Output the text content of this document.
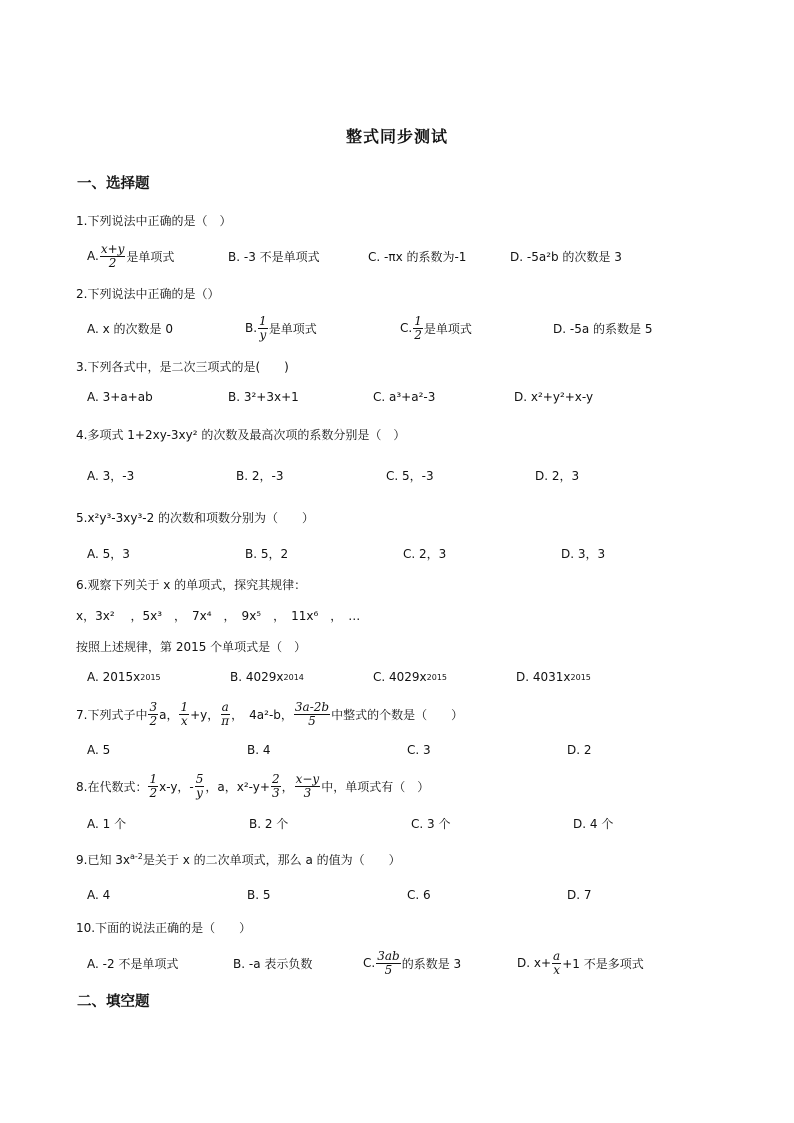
整式同步测试
一、选择题
1.下列说法中正确的是（　）
A. $\frac{x+y}{2}$ 是单项式	B. -3 不是单项式	C. -πx 的系数为-1	D. -5a²b 的次数是 3
2.下列说法中正确的是（）
A. x 的次数是 0	B. $\frac{1}{y}$ 是单项式	C. $\frac{1}{2}$ 是单项式	D. -5a 的系数是 5
3.下列各式中，是二次三项式的是(　　)
A. 3+a+ab	B. 3²+3x+1	C. a³+a²-3	D. x²+y²+x-y
4.多项式 1+2xy-3xy² 的次数及最高次项的系数分别是（　）
A. 3，-3	B. 2，-3	C. 5，-3	D. 2，3
5.x²y³-3xy³-2 的次数和项数分别为（　　）
A. 5，3	B. 5，2	C. 2，3	D. 3，3
6.观察下列关于 x 的单项式，探究其规律：
x，3x²　 ，5x³　，　7x⁴　，　9x⁵　，　11x⁶　，　…
按照上述规律，第 2015 个单项式是（　）
A. 2015x 2015	B. 4029x 2014	C. 4029x 2015	D. 4031x 2015
7.下列式子中 $\frac{3}{2}$ a， $\frac{1}{x} +y$， $\frac{a}{\pi}$ ，　4a²-b， $\frac{3a-2b}{5}$ 中整式的个数是（　　）
A. 5	B. 4	C. 3	D. 2
8.在代数式： $\frac{1}{2} x-y$，- $\frac{5}{y}$ ，a，$x^2-y+ \frac{2}{3}$ ， $\frac{x-y}{3}$ 中，单项式有（　）
A. 1 个	B. 2 个	C. 3 个	D. 4 个
9.已知 $3x^{a-2}$是关于 x 的二次单项式，那么 a 的值为（　　）
A. 4	B. 5	C. 6	D. 7
10.下面的说法正确的是（　　）
A. -2 不是单项式	B. -a 表示负数	C. $\frac{3ab}{5}$ 的系数是 3	D. $x+ \frac{a}{x} +1$ 不是多项式
二、填空题
